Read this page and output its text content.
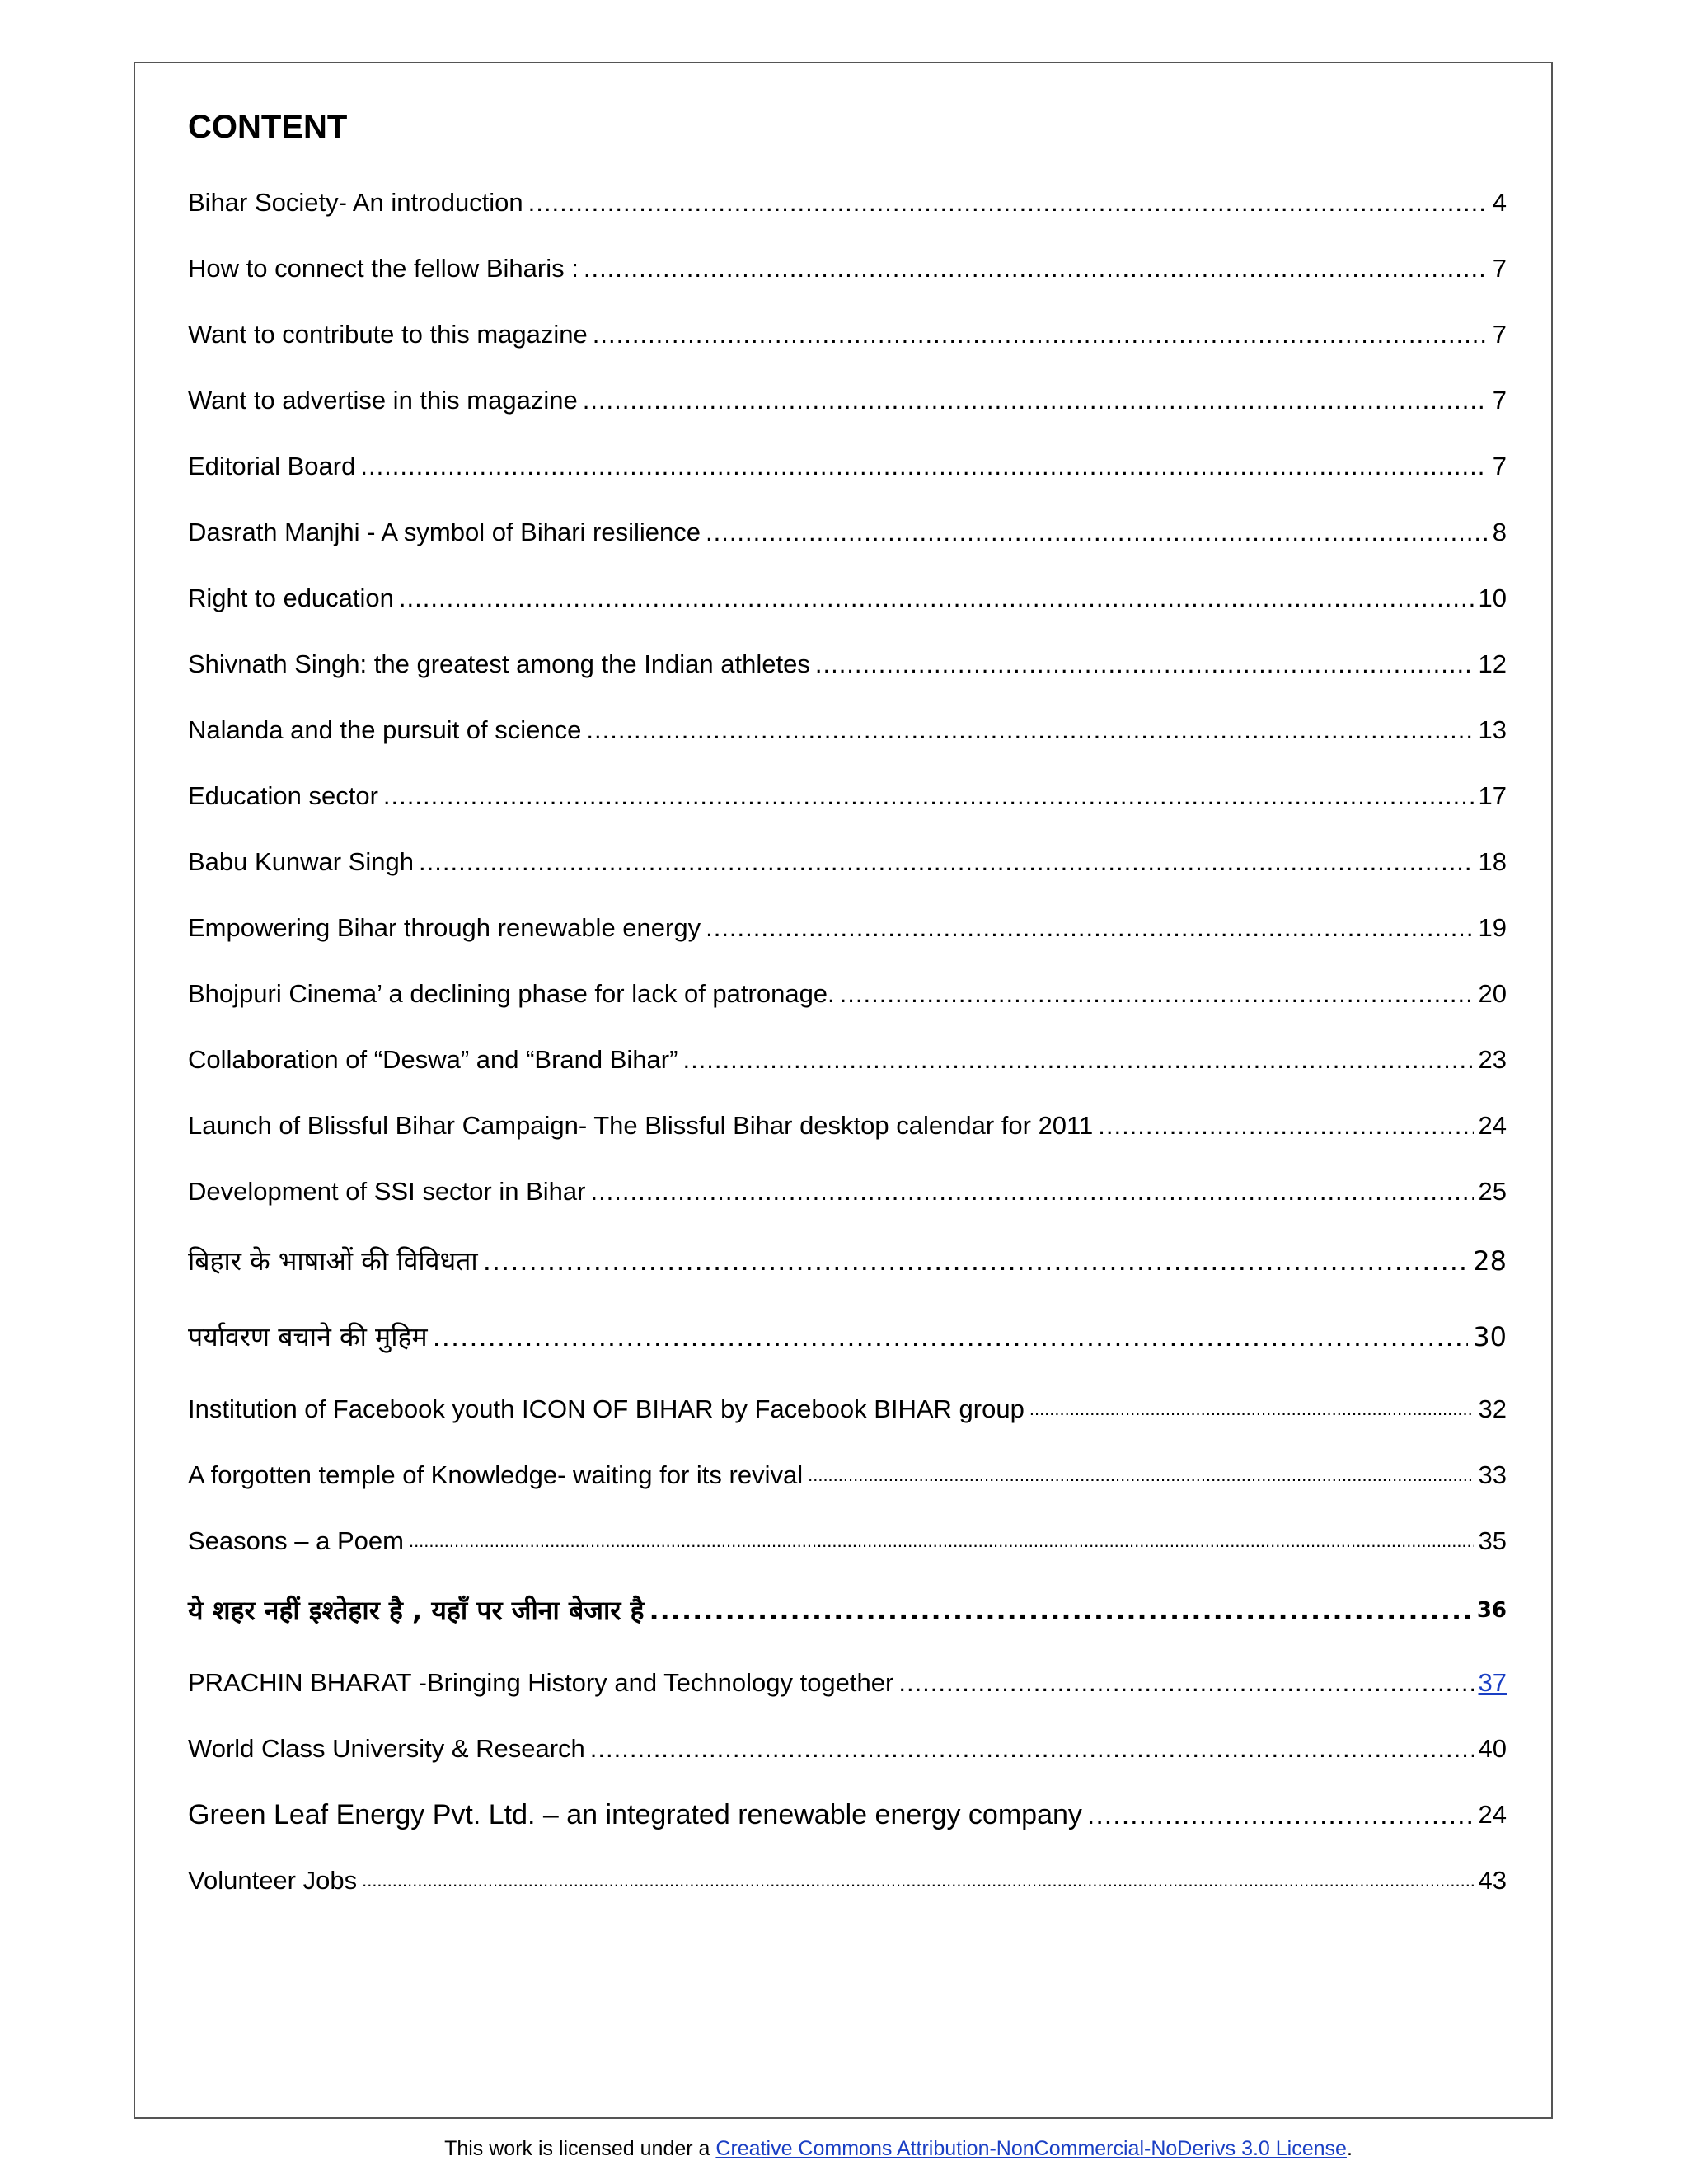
CONTENT
Bihar Society- An introduction .....	4
How to connect the fellow Biharis : .....	7
Want to contribute to this magazine .....	7
Want to advertise in this magazine .....	7
Editorial Board .....	7
Dasrath Manjhi - A symbol of Bihari resilience .....	8
Right to education .....	10
Shivnath Singh: the greatest among the Indian athletes .....	12
Nalanda and the pursuit of science .....	13
Education sector .....	17
Babu Kunwar Singh .....	18
Empowering Bihar through renewable energy .....	19
Bhojpuri Cinema’ a declining phase for lack of patronage. .....	20
Collaboration of “Deswa” and “Brand Bihar” .....	23
Launch of Blissful Bihar Campaign- The Blissful Bihar desktop calendar for 2011 .....	24
Development of SSI sector in Bihar .....	25
बिहार के भाषाओं की विविधता .....	28
पर्यावरण बचाने की मुहिम .....	30
Institution of Facebook youth ICON OF BIHAR by Facebook BIHAR group .....	32
A forgotten temple of Knowledge- waiting for its revival .....	33
Seasons – a Poem .....	35
ये शहर नहीं इश्तेहार है , यहाँ पर जीना बेजार है .....	36
PRACHIN BHARAT -Bringing History and Technology together .....	37
World Class University & Research .....	40
Green Leaf Energy Pvt. Ltd. – an integrated renewable energy company .....	24
Volunteer Jobs .....	43
This work is licensed under a Creative Commons Attribution-NonCommercial-NoDerivs 3.0 License.
